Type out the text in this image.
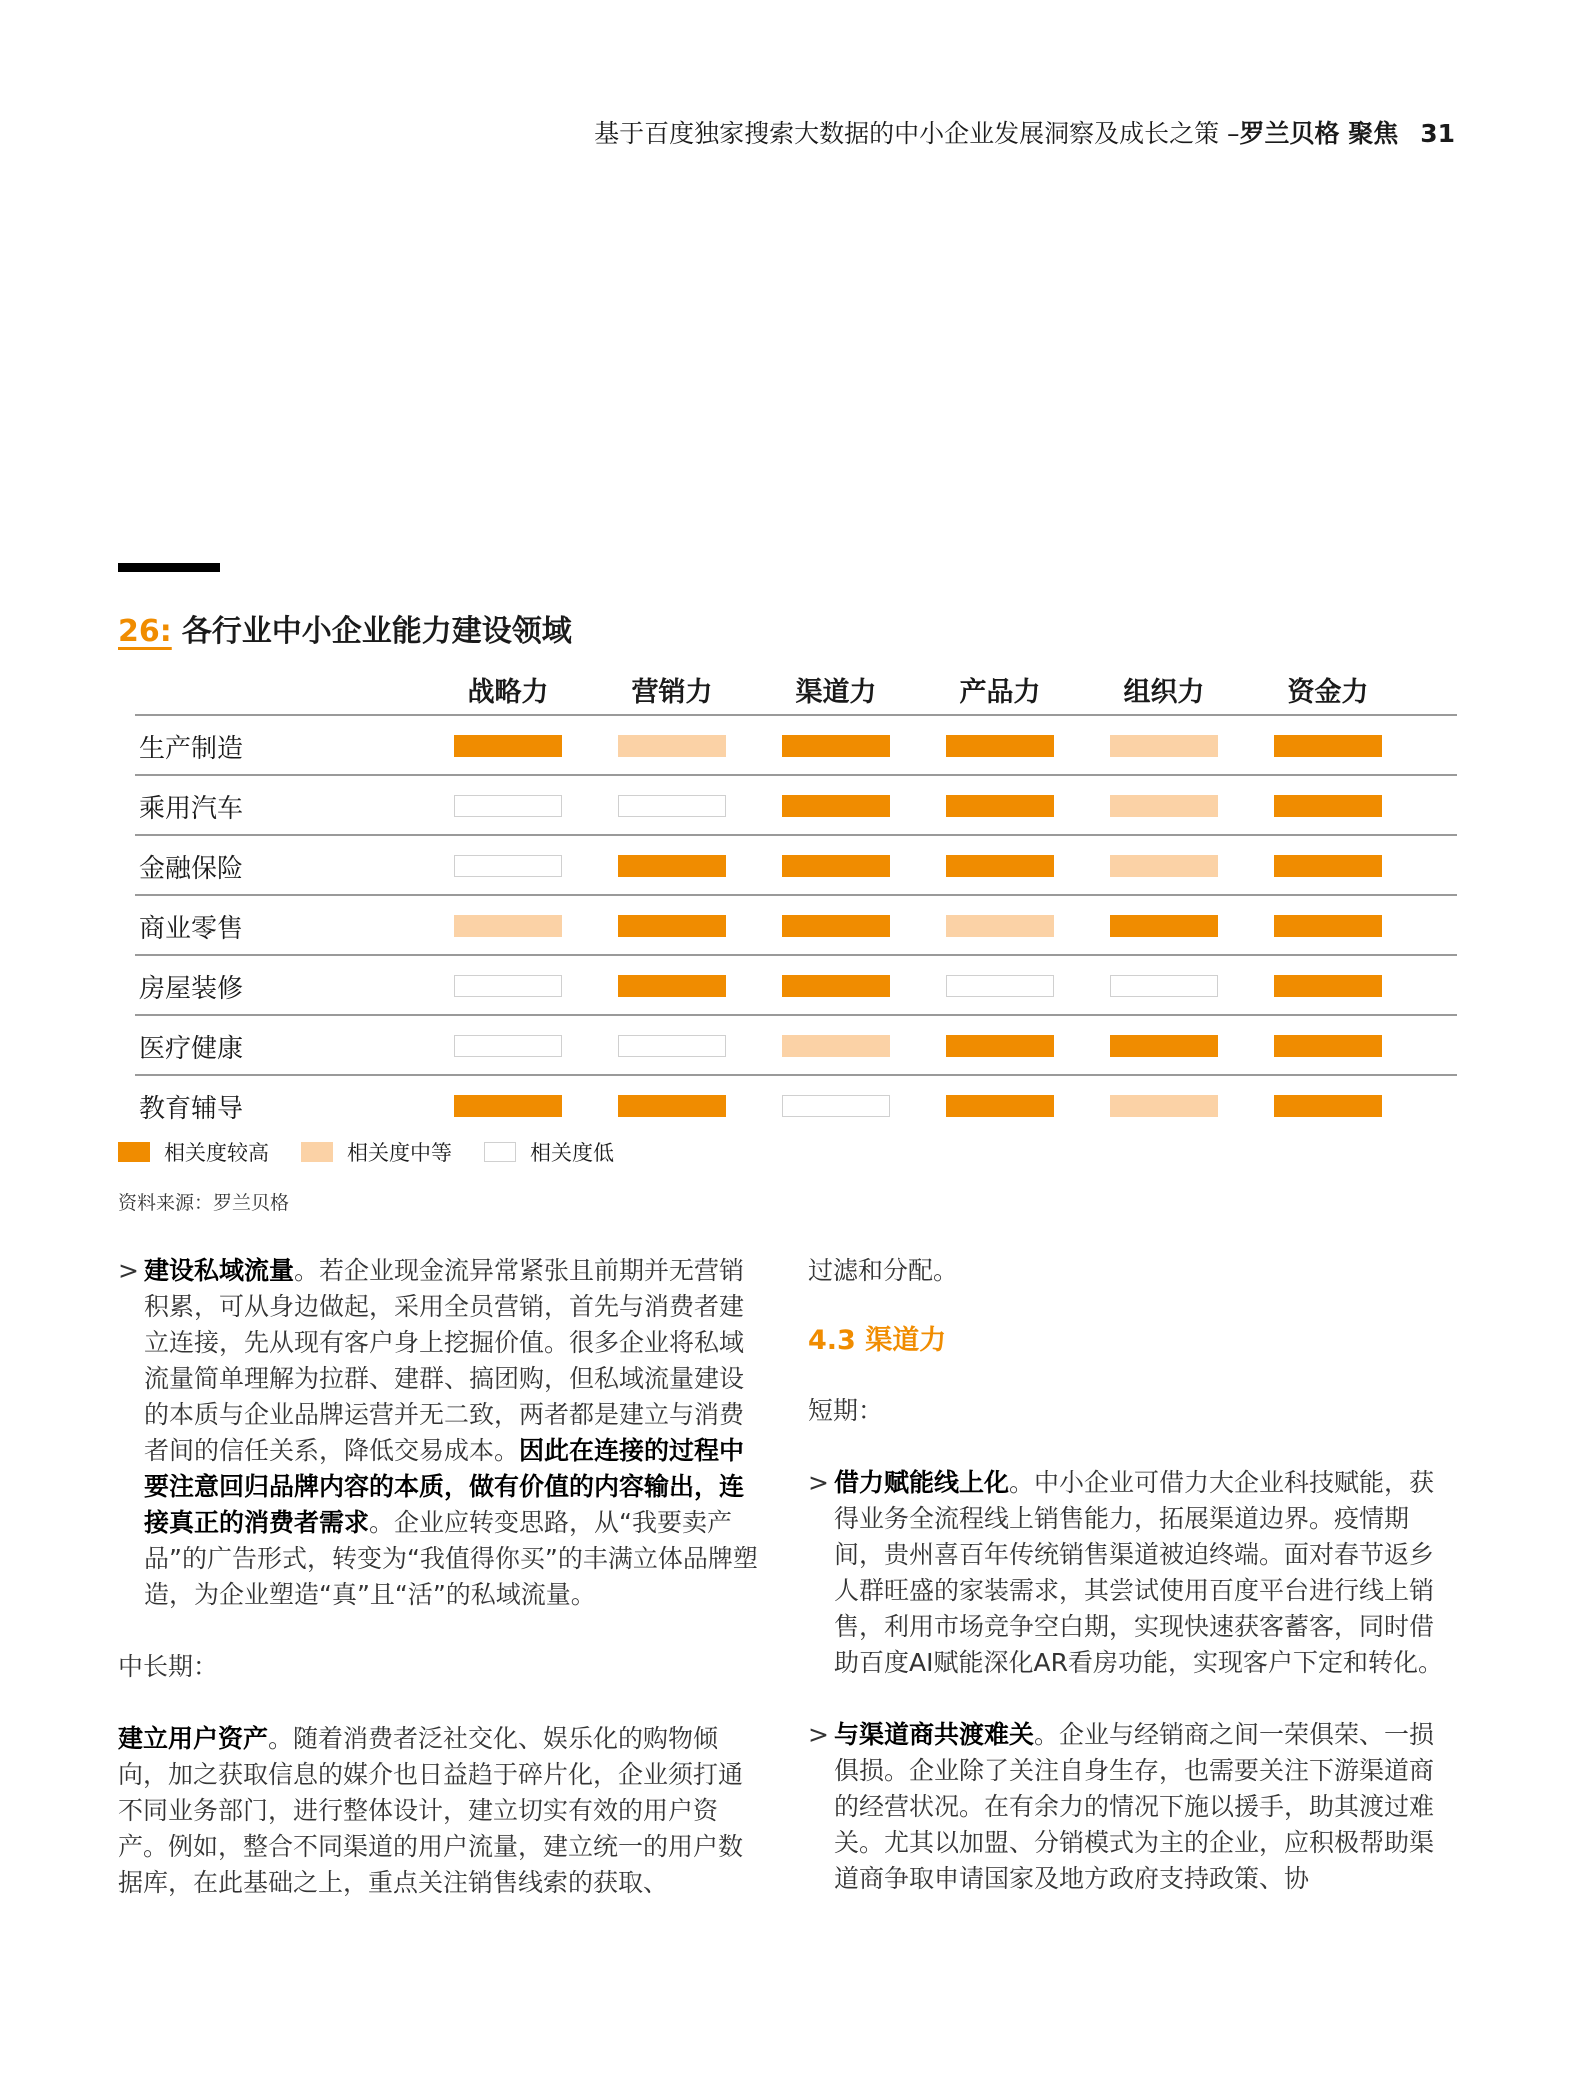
基于百度独家搜索大数据的中小企业发展洞察及成长之策 –罗兰贝格 聚焦 31
26: 各行业中小企业能力建设领域
战略力	营销力	渠道力	产品力	组织力	资金力
生产制造
乘用汽车
金融保险
商业零售
房屋装修
医疗健康
教育辅导
相关度较高	相关度中等	相关度低
资料来源：罗兰贝格

> 建设私域流量。若企业现金流异常紧张且前期并无营销积累，可从身边做起，采用全员营销，首先与消费者建立连接，先从现有客户身上挖掘价值。很多企业将私域流量简单理解为拉群、建群、搞团购，但私域流量建设的本质与企业品牌运营并无二致，两者都是建立与消费者间的信任关系，降低交易成本。因此在连接的过程中要注意回归品牌内容的本质，做有价值的内容输出，连接真正的消费者需求。企业应转变思路，从“我要卖产品”的广告形式，转变为“我值得你买”的丰满立体品牌塑造，为企业塑造“真”且“活”的私域流量。

中长期：

建立用户资产。随着消费者泛社交化、娱乐化的购物倾向，加之获取信息的媒介也日益趋于碎片化，企业须打通不同业务部门，进行整体设计，建立切实有效的用户资产。例如，整合不同渠道的用户流量，建立统一的用户数据库，在此基础之上，重点关注销售线索的获取、

过滤和分配。

4.3 渠道力

短期：

> 借力赋能线上化。中小企业可借力大企业科技赋能，获得业务全流程线上销售能力，拓展渠道边界。疫情期间，贵州喜百年传统销售渠道被迫终端。面对春节返乡人群旺盛的家装需求，其尝试使用百度平台进行线上销售，利用市场竞争空白期，实现快速获客蓄客，同时借助百度AI赋能深化AR看房功能，实现客户下定和转化。

> 与渠道商共渡难关。企业与经销商之间一荣俱荣、一损俱损。企业除了关注自身生存，也需要关注下游渠道商的经营状况。在有余力的情况下施以援手，助其渡过难关。尤其以加盟、分销模式为主的企业，应积极帮助渠道商争取申请国家及地方政府支持政策、协
